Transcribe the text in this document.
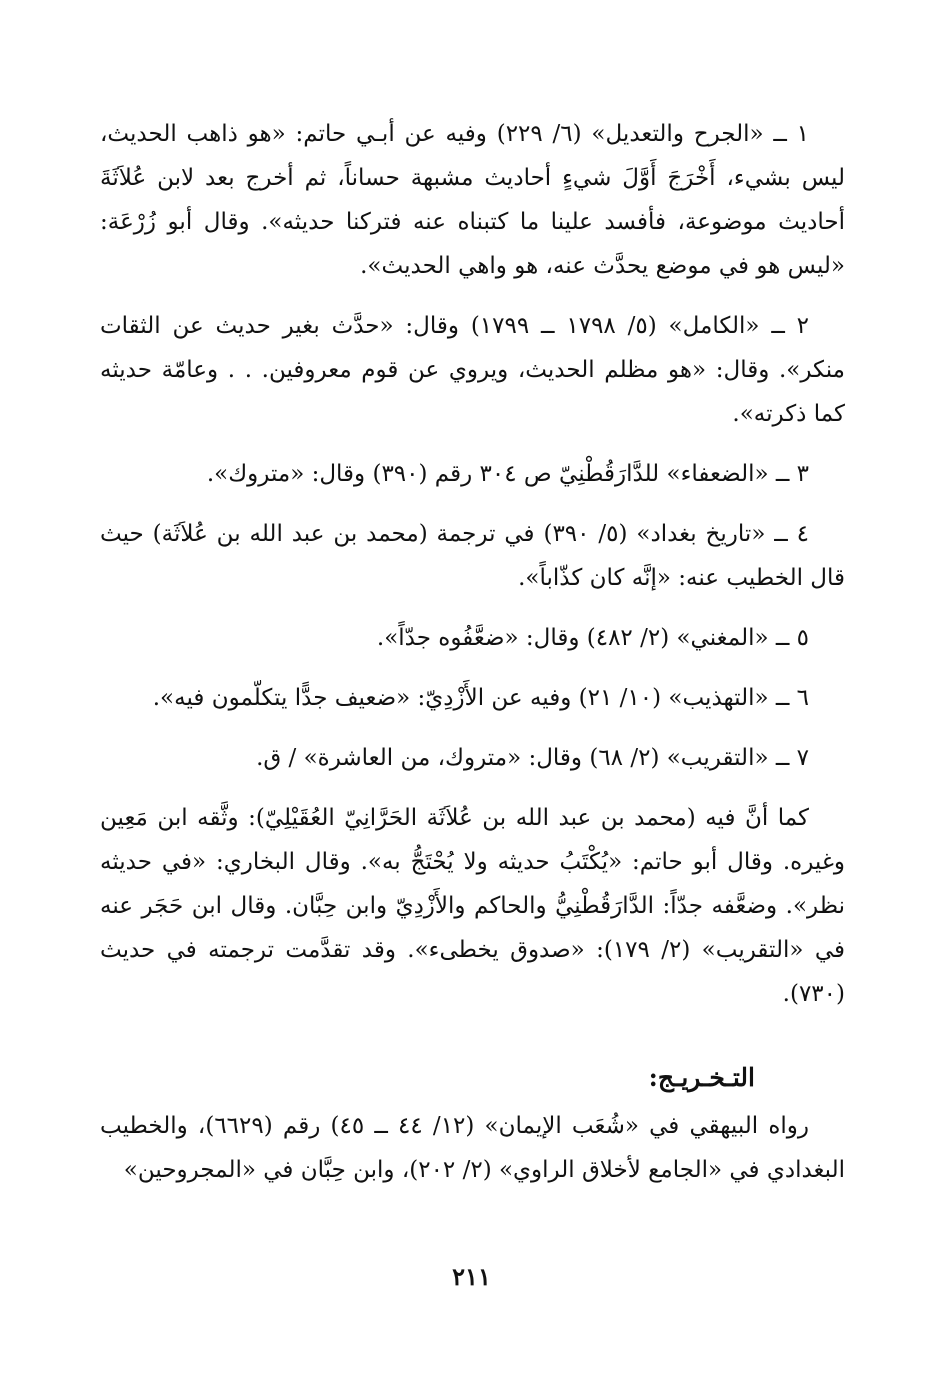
١ ــ «الجرح والتعديل» (٦/ ٢٢٩) وفيه عن أبـي حاتم: «هو ذاهب الحديث، ليس بشيء، أَخْرَجَ أَوَّلَ شيءٍ أحاديث مشبهة حساناً، ثم أخرج بعد لابن عُلاَثَةَ أحاديث موضوعة، فأفسد علينا ما كتبناه عنه فتركنا حديثه». وقال أبو زُرْعَة: «ليس هو في موضع يحدَّث عنه، هو واهي الحديث».

٢ ــ «الكامل» (٥/ ١٧٩٨ ــ ١٧٩٩) وقال: «حدَّث بغير حديث عن الثقات منكر». وقال: «هو مظلم الحديث، ويروي عن قوم معروفين. . . وعامّة حديثه كما ذكرته».

٣ ــ «الضعفاء» للدَّارَقُطْنِيّ ص ٣٠٤ رقم (٣٩٠) وقال: «متروك».

٤ ــ «تاريخ بغداد» (٥/ ٣٩٠) في ترجمة (محمد بن عبد الله بن عُلاَثَة) حيث قال الخطيب عنه: «إنَّه كان كذّاباً».

٥ ــ «المغني» (٢/ ٤٨٢) وقال: «ضعَّفُوه جدّاً».

٦ ــ «التهذيب» (١٠/ ٢١) وفيه عن الأَزْدِيّ: «ضعيف جدًّا يتكلّمون فيه».

٧ ــ «التقريب» (٢/ ٦٨) وقال: «متروك، من العاشرة» / ق.

كما أنَّ فيه (محمد بن عبد الله بن عُلاَثَة الحَرَّانِيّ العُقَيْلِيّ): وثَّقه ابن مَعِين وغيره. وقال أبو حاتم: «يُكْتَبُ حديثه ولا يُحْتَجُّ به». وقال البخاري: «في حديثه نظر». وضعَّفه جدّاً: الدَّارَقُطْنِيُّ والحاكم والأَزْدِيّ وابن حِبَّان. وقال ابن حَجَر عنه في «التقريب» (٢/ ١٧٩): «صدوق يخطىء». وقد تقدَّمت ترجمته في حديث (٧٣٠).

التـخـريـج:

رواه البيهقي في «شُعَب الإيمان» (١٢/ ٤٤ ــ ٤٥) رقم (٦٦٢٩)، والخطيب البغدادي في «الجامع لأخلاق الراوي» (٢/ ٢٠٢)، وابن حِبَّان في «المجروحين»

٢١١
